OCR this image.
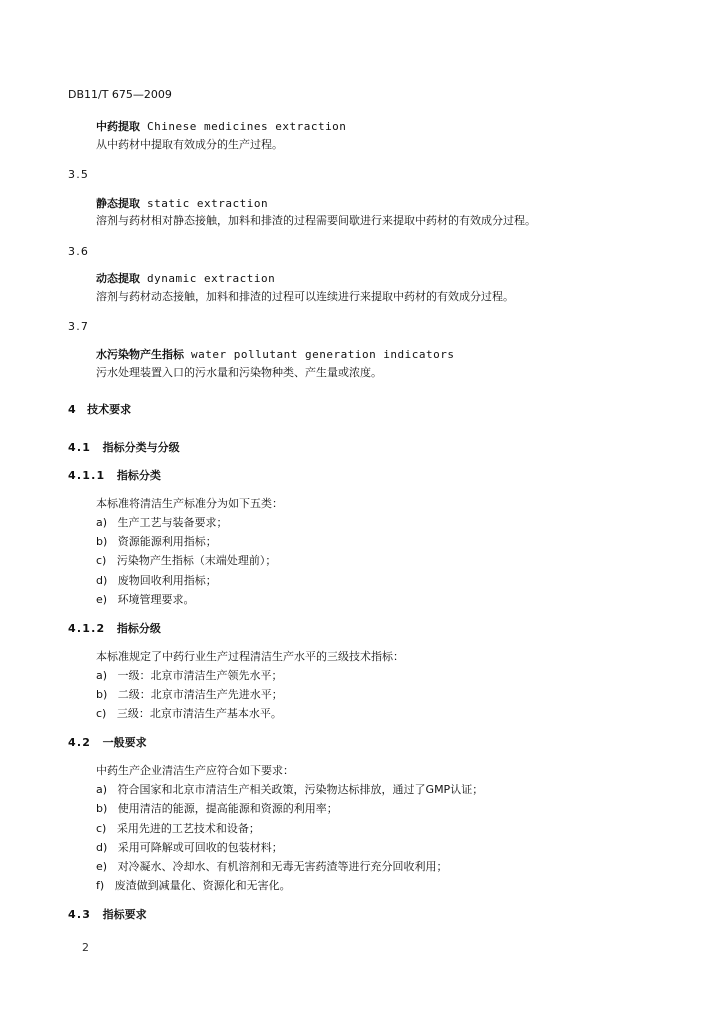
DB11/T 675—2009
中药提取 Chinese medicines extraction
从中药材中提取有效成分的生产过程。
3.5
静态提取 static extraction
溶剂与药材相对静态接触，加料和排渣的过程需要间歇进行来提取中药材的有效成分过程。
3.6
动态提取 dynamic extraction
溶剂与药材动态接触，加料和排渣的过程可以连续进行来提取中药材的有效成分过程。
3.7
水污染物产生指标 water pollutant generation indicators
污水处理装置入口的污水量和污染物种类、产生量或浓度。
4 技术要求
4.1 指标分类与分级
4.1.1 指标分类
本标准将清洁生产标准分为如下五类：
a) 生产工艺与装备要求；
b) 资源能源利用指标；
c) 污染物产生指标（末端处理前）；
d) 废物回收利用指标；
e) 环境管理要求。
4.1.2 指标分级
本标准规定了中药行业生产过程清洁生产水平的三级技术指标：
a) 一级：北京市清洁生产领先水平；
b) 二级：北京市清洁生产先进水平；
c) 三级：北京市清洁生产基本水平。
4.2 一般要求
中药生产企业清洁生产应符合如下要求：
a) 符合国家和北京市清洁生产相关政策，污染物达标排放，通过了GMP认证；
b) 使用清洁的能源，提高能源和资源的利用率；
c) 采用先进的工艺技术和设备；
d) 采用可降解或可回收的包装材料；
e) 对冷凝水、冷却水、有机溶剂和无毒无害药渣等进行充分回收利用；
f) 废渣做到减量化、资源化和无害化。
4.3 指标要求
2
